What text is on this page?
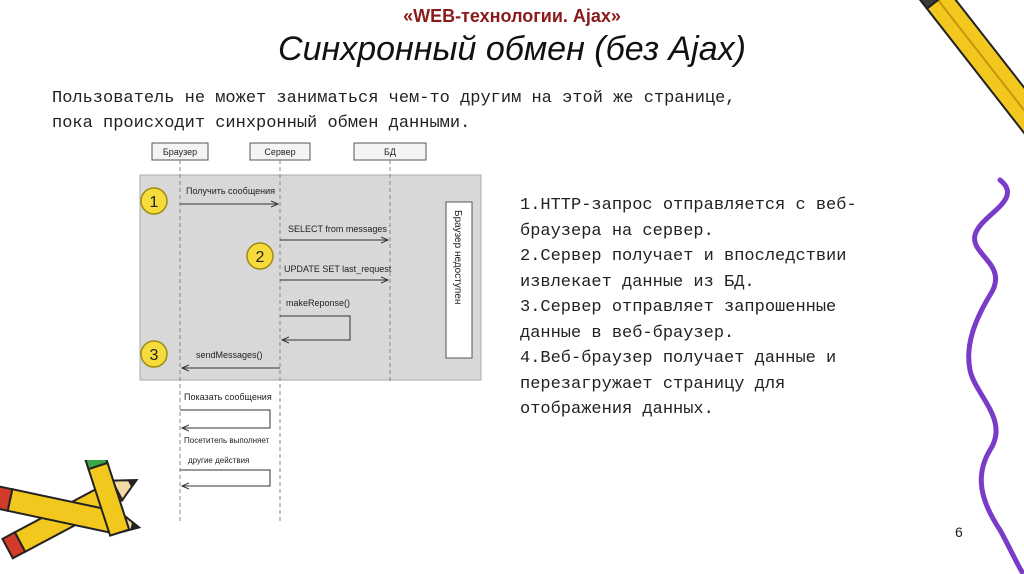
«WEB-технологии. Ajax»
Синхронный обмен (без Ajax)
Пользователь не может заниматься чем-то другим на этой же странице,
пока происходит синхронный обмен данными.
Браузер	Сервер	БД
Получить сообщения
SELECT from messages
UPDATE SET last_request
makeReponse()
sendMessages()
Показать сообщения
Посетитель выполняет
другие действия
Браузер недоступен
1
2
3
1.HTTP-запрос отправляется с веб-
браузера на сервер.
2.Сервер получает и впоследствии
извлекает данные из БД.
3.Сервер отправляет запрошенные
данные в веб-браузер.
4.Веб-браузер получает данные и
перезагружает страницу для
отображения данных.
6
